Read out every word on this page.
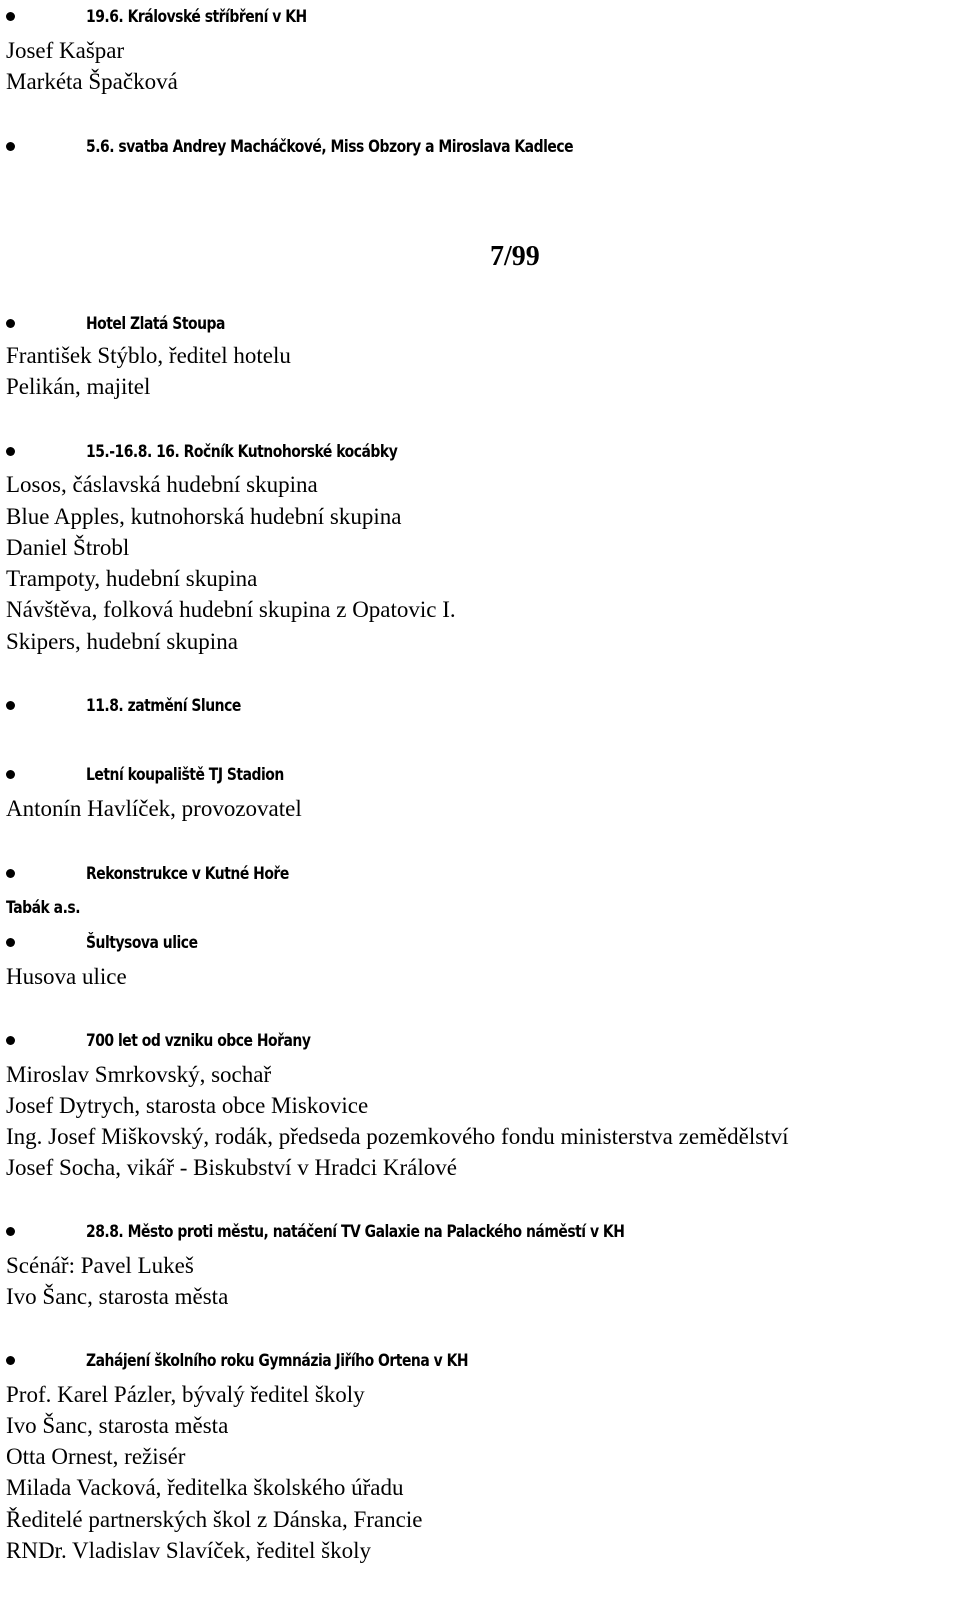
7/99
19.6. Královské stříbření v KH
Josef Kašpar
Markéta Špačková
5.6. svatba Andrey Macháčkové, Miss Obzory a Miroslava Kadlece
Hotel Zlatá Stoupa
František Stýblo, ředitel hotelu
Pelikán, majitel
15.-16.8. 16. Ročník Kutnohorské kocábky
Losos, čáslavská hudební skupina
Blue Apples, kutnohorská hudební skupina
Daniel Štrobl
Trampoty, hudební skupina
Návštěva, folková hudební skupina z Opatovic I.
Skipers, hudební skupina
11.8. zatmění Slunce
Letní koupaliště TJ Stadion
Antonín Havlíček, provozovatel
Rekonstrukce v Kutné Hoře
Tabák a.s.
Šultysova ulice
Husova ulice
700 let od vzniku obce Hořany
Miroslav Smrkovský, sochař
Josef Dytrych, starosta obce Miskovice
Ing. Josef Miškovský, rodák, předseda pozemkového fondu ministerstva zemědělství
Josef Socha, vikář - Biskubství v Hradci Králové
28.8. Město proti městu, natáčení TV Galaxie na Palackého náměstí v KH
Scénář: Pavel Lukeš
Ivo Šanc, starosta města
Zahájení školního roku Gymnázia Jiřího Ortena v KH
Prof. Karel Pázler, bývalý ředitel školy
Ivo Šanc, starosta města
Otta Ornest, režisér
Milada Vacková, ředitelka školského úřadu
Ředitelé partnerských škol z Dánska, Francie
RNDr. Vladislav Slavíček, ředitel školy
